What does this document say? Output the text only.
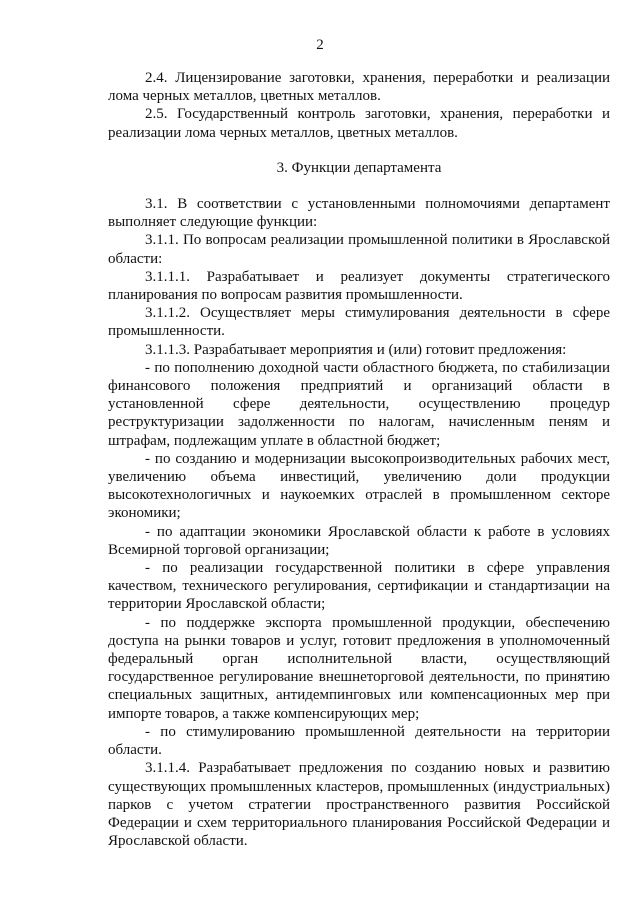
2

2.4. Лицензирование заготовки, хранения, переработки и реализации лома черных металлов, цветных металлов.

2.5. Государственный контроль заготовки, хранения, переработки и реализации лома черных металлов, цветных металлов.

3. Функции департамента

3.1. В соответствии с установленными полномочиями департамент выполняет следующие функции:

3.1.1. По вопросам реализации промышленной политики в Ярославской области:

3.1.1.1. Разрабатывает и реализует документы стратегического планирования по вопросам развития промышленности.

3.1.1.2. Осуществляет меры стимулирования деятельности в сфере промышленности.

3.1.1.3. Разрабатывает мероприятия и (или) готовит предложения:

- по пополнению доходной части областного бюджета, по стабилизации финансового положения предприятий и организаций области в установленной сфере деятельности, осуществлению процедур реструктуризации задолженности по налогам, начисленным пеням и штрафам, подлежащим уплате в областной бюджет;

- по созданию и модернизации высокопроизводительных рабочих мест, увеличению объема инвестиций, увеличению доли продукции высокотехнологичных и наукоемких отраслей в промышленном секторе экономики;

- по адаптации экономики Ярославской области к работе в условиях Всемирной торговой организации;

- по реализации государственной политики в сфере управления качеством, технического регулирования, сертификации и стандартизации на территории Ярославской области;

- по поддержке экспорта промышленной продукции, обеспечению доступа на рынки товаров и услуг, готовит предложения в уполномоченный федеральный орган исполнительной власти, осуществляющий государственное регулирование внешнеторговой деятельности, по принятию специальных защитных, антидемпинговых или компенсационных мер при импорте товаров, а также компенсирующих мер;

- по стимулированию промышленной деятельности на территории области.

3.1.1.4. Разрабатывает предложения по созданию новых и развитию существующих промышленных кластеров, промышленных (индустриальных) парков с учетом стратегии пространственного развития Российской Федерации и схем территориального планирования Российской Федерации и Ярославской области.
